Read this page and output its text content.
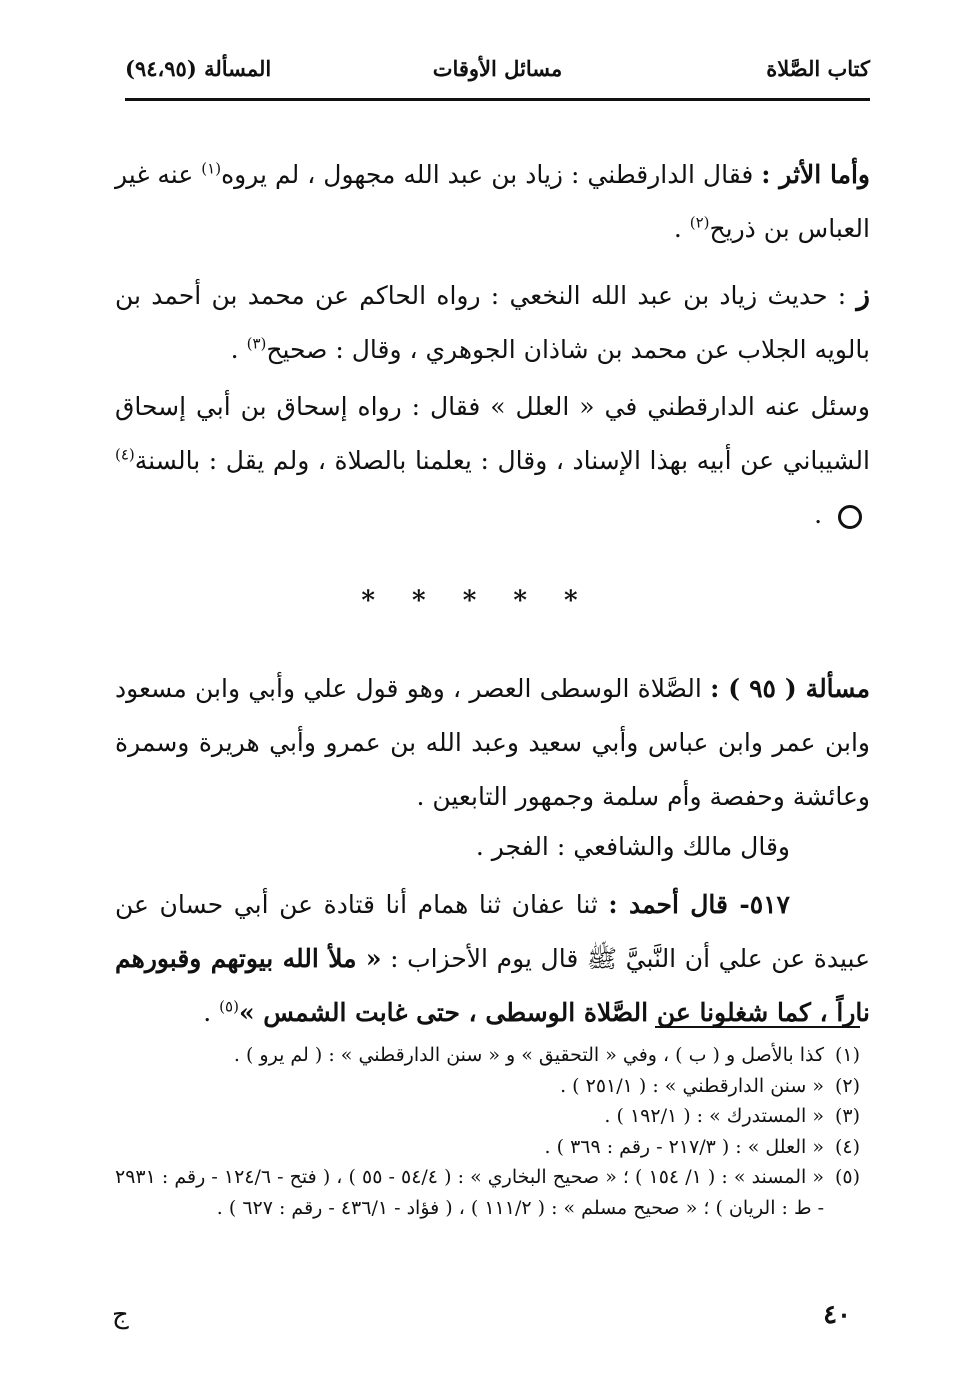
كتاب الصَّلاة
مسائل الأوقات
المسألة (٩٤،٩٥)

وأما الأثر : فقال الدارقطني : زياد بن عبد الله مجهول ، لم يروه$^{(١)}$ عنه غير العباس بن ذريح$^{(٢)}$ .

ز : حديث زياد بن عبد الله النخعي : رواه الحاكم عن محمد بن أحمد بن بالويه الجلاب عن محمد بن شاذان الجوهري ، وقال : صحيح$^{(٣)}$ .

وسئل عنه الدارقطني في « العلل » فقال : رواه إسحاق بن أبي إسحاق الشيباني عن أبيه بهذا الإسناد ، وقال : يعلمنا بالصلاة ، ولم يقل : بالسنة$^{(٤)}$  .

* * * * *

مسألة ( ٩٥ ) : الصَّلاة الوسطى العصر ، وهو قول علي وأبي وابن مسعود وابن عمر وابن عباس وأبي سعيد وعبد الله بن عمرو وأبي هريرة وسمرة وعائشة وحفصة وأم سلمة وجمهور التابعين .

وقال مالك والشافعي : الفجر .

٥١٧- قال أحمد : ثنا عفان ثنا همام أنا قتادة عن أبي حسان عن عبيدة عن علي أن النَّبيَّ ﷺ قال يوم الأحزاب : « ملأ الله بيوتهم وقبورهم ناراً ، كما شغلونا عن الصَّلاة الوسطى ، حتى غابت الشمس »$^{(٥)}$ .

(١)
كذا بالأصل و ( ب ) ، وفي « التحقيق » و « سنن الدارقطني » : ( لم يرو ) .
(٢)
« سنن الدارقطني » : ( ٢٥١/١ ) .
(٣)
« المستدرك » : ( ١٩٢/١ ) .
(٤)
« العلل » : ( ٢١٧/٣ - رقم : ٣٦٩ ) .
(٥)
« المسند » : ( ١/ ١٥٤ ) ؛ « صحيح البخاري » : ( ٥٤/٤ - ٥٥ ) ، ( فتح - ١٢٤/٦ - رقم : ٢٩٣١ - ط : الريان ) ؛ « صحيح مسلم » : ( ١١١/٢ ) ، ( فؤاد - ٤٣٦/١ - رقم : ٦٢٧ ) .
٤٠
ج
